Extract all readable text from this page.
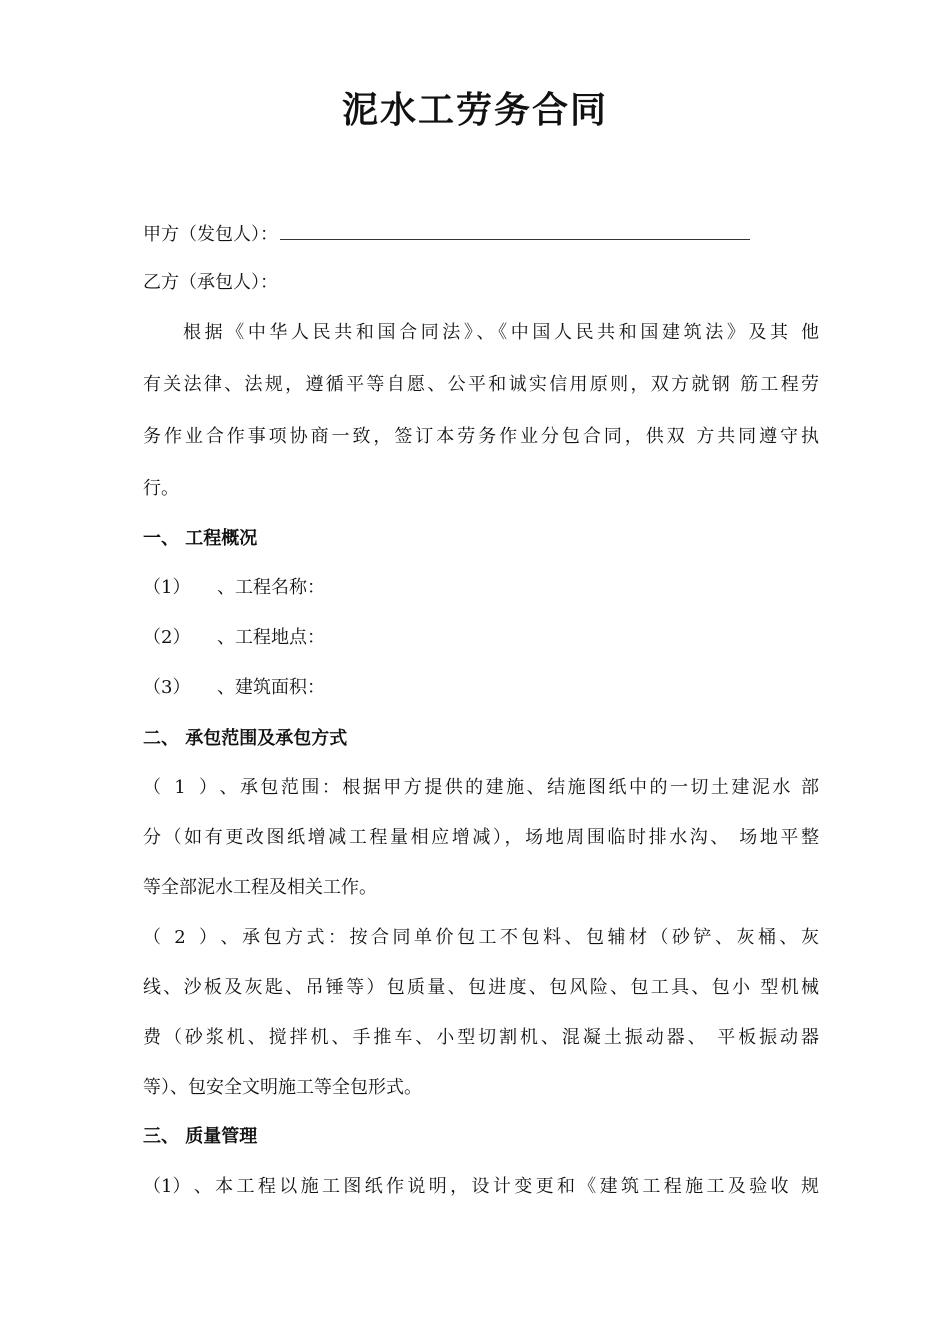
泥水工劳务合同
甲方（发包人）：
乙方（承包人）：
根据《中华人民共和国合同法》、《中国人民共和国建筑法》及其 他
有关法律、法规，遵循平等自愿、公平和诚实信用原则，双方就钢 筋工程劳
务作业合作事项协商一致，签订本劳务作业分包合同，供双 方共同遵守执
行。
一、 工程概况
（1） 、工程名称：
（2） 、工程地点：
（3） 、建筑面积：
二、 承包范围及承包方式
（1）、承包范围：根据甲方提供的建施、结施图纸中的一切土建泥水 部
分（如有更改图纸增减工程量相应增减），场地周围临时排水沟、 场地平整
等全部泥水工程及相关工作。
（2）、承包方式：按合同单价包工不包料、包辅材（砂铲、灰桶、灰
线、沙板及灰匙、吊锤等）包质量、包进度、包风险、包工具、包小 型机械
费（砂浆机、搅拌机、手推车、小型切割机、混凝土振动器、 平板振动器
等）、包安全文明施工等全包形式。
三、 质量管理
（1）、本工程以施工图纸作说明，设计变更和《建筑工程施工及验收 规
